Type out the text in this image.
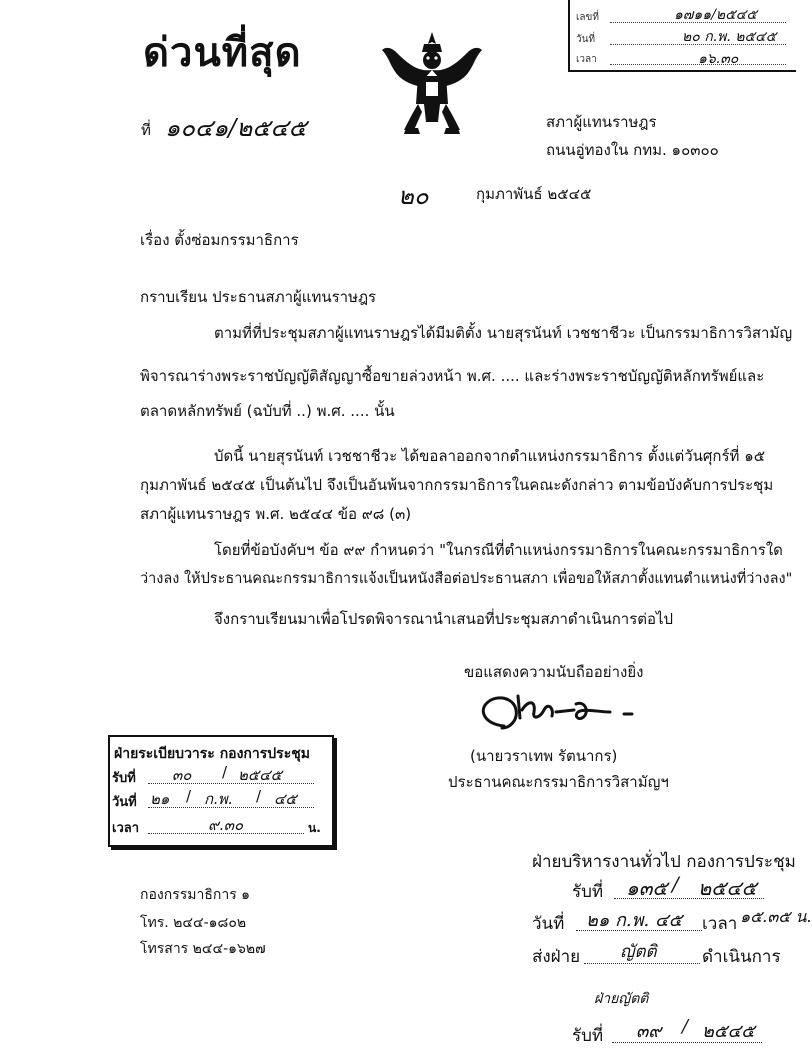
ด่วนที่สุด
เลขที่	๑๗๑๑/๒๕๔๕
วันที่	๒๐ ก.พ. ๒๕๔๕
เวลา	๑๖.๓๐
ที่ ๑๐๔๑/๒๕๔๕	สภาผู้แทนราษฎร
ถนนอู่ทองใน กทม. ๑๐๓๐๐
๒๐	กุมภาพันธ์ ๒๕๔๕
เรื่อง ตั้งซ่อมกรรมาธิการ
กราบเรียน ประธานสภาผู้แทนราษฎร
ตามที่ที่ประชุมสภาผู้แทนราษฎรได้มีมติตั้ง นายสุรนันท์ เวชชาชีวะ เป็นกรรมาธิการวิสามัญ
พิจารณาร่างพระราชบัญญัติสัญญาซื้อขายล่วงหน้า พ.ศ. .... และร่างพระราชบัญญัติหลักทรัพย์และ
ตลาดหลักทรัพย์ (ฉบับที่ ..) พ.ศ. .... นั้น
บัดนี้ นายสุรนันท์ เวชชาชีวะ ได้ขอลาออกจากตำแหน่งกรรมาธิการ ตั้งแต่วันศุกร์ที่ ๑๕
กุมภาพันธ์ ๒๕๔๕ เป็นต้นไป จึงเป็นอันพ้นจากกรรมาธิการในคณะดังกล่าว ตามข้อบังคับการประชุม
สภาผู้แทนราษฎร พ.ศ. ๒๕๔๔ ข้อ ๙๘ (๓)
โดยที่ข้อบังคับฯ ข้อ ๙๙ กำหนดว่า "ในกรณีที่ตำแหน่งกรรมาธิการในคณะกรรมาธิการใด
ว่างลง ให้ประธานคณะกรรมาธิการแจ้งเป็นหนังสือต่อประธานสภา เพื่อขอให้สภาตั้งแทนตำแหน่งที่ว่างลง"
จึงกราบเรียนมาเพื่อโปรดพิจารณานำเสนอที่ประชุมสภาดำเนินการต่อไป
ขอแสดงความนับถืออย่างยิ่ง
(นายวราเทพ รัตนากร)
ประธานคณะกรรมาธิการวิสามัญฯ
ฝ่ายระเบียบวาระ กองการประชุม
รับที่ ๓๐ / ๒๕๔๕
วันที่ ๒๑ / ก.พ. / ๔๕
เวลา	๙.๓๐	น.
กองกรรมาธิการ ๑
โทร. ๒๔๔-๑๘๐๒
โทรสาร ๒๔๔-๑๖๒๗
ฝ่ายบริหารงานทั่วไป กองการประชุม
รับที่ ๑๓๕ / ๒๕๔๕
วันที่ ๒๑ ก.พ. ๔๕ เวลา ๑๕.๓๕ น.
ส่งฝ่าย ญัตติ	ดำเนินการ
ฝ่ายญัตติ
รับที่ ๓๙ / ๒๕๔๕
